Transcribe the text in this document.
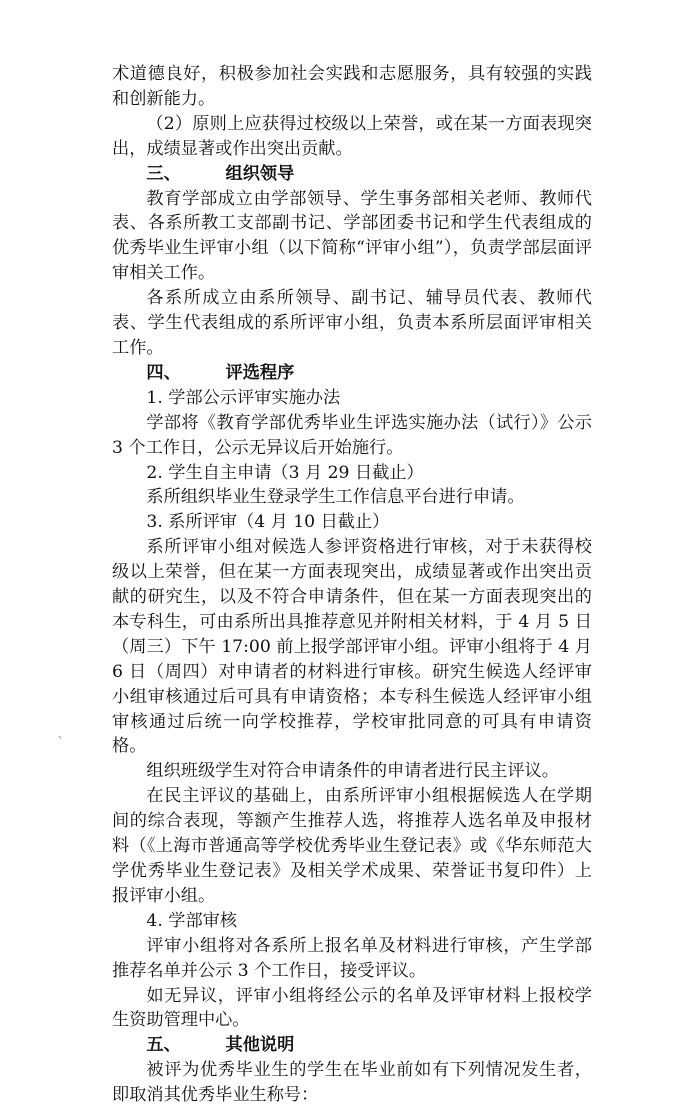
术道德良好，积极参加社会实践和志愿服务，具有较强的实践和创新能力。

（2）原则上应获得过校级以上荣誉，或在某一方面表现突出，成绩显著或作出突出贡献。

三、	组织领导

教育学部成立由学部领导、学生事务部相关老师、教师代表、各系所教工支部副书记、学部团委书记和学生代表组成的优秀毕业生评审小组（以下简称“评审小组”），负责学部层面评审相关工作。

各系所成立由系所领导、副书记、辅导员代表、教师代表、学生代表组成的系所评审小组，负责本系所层面评审相关工作。

四、	评选程序

1. 学部公示评审实施办法

学部将《教育学部优秀毕业生评选实施办法（试行）》公示 3 个工作日，公示无异议后开始施行。

2. 学生自主申请（3 月 29 日截止）

系所组织毕业生登录学生工作信息平台进行申请。

3. 系所评审（4 月 10 日截止）

系所评审小组对候选人参评资格进行审核，对于未获得校级以上荣誉，但在某一方面表现突出，成绩显著或作出突出贡献的研究生，以及不符合申请条件，但在某一方面表现突出的本专科生，可由系所出具推荐意见并附相关材料，于 4 月 5 日（周三）下午 17:00 前上报学部评审小组。评审小组将于 4 月 6 日（周四）对申请者的材料进行审核。研究生候选人经评审小组审核通过后可具有申请资格；本专科生候选人经评审小组审核通过后统一向学校推荐，学校审批同意的可具有申请资格。

组织班级学生对符合申请条件的申请者进行民主评议。

在民主评议的基础上，由系所评审小组根据候选人在学期间的综合表现，等额产生推荐人选，将推荐人选名单及申报材料（《上海市普通高等学校优秀毕业生登记表》或《华东师范大学优秀毕业生登记表》及相关学术成果、荣誉证书复印件）上报评审小组。

4. 学部审核

评审小组将对各系所上报名单及材料进行审核，产生学部推荐名单并公示 3 个工作日，接受评议。

如无异议，评审小组将经公示的名单及评审材料上报校学生资助管理中心。

五、	其他说明

被评为优秀毕业生的学生在毕业前如有下列情况发生者，即取消其优秀毕业生称号：

、
